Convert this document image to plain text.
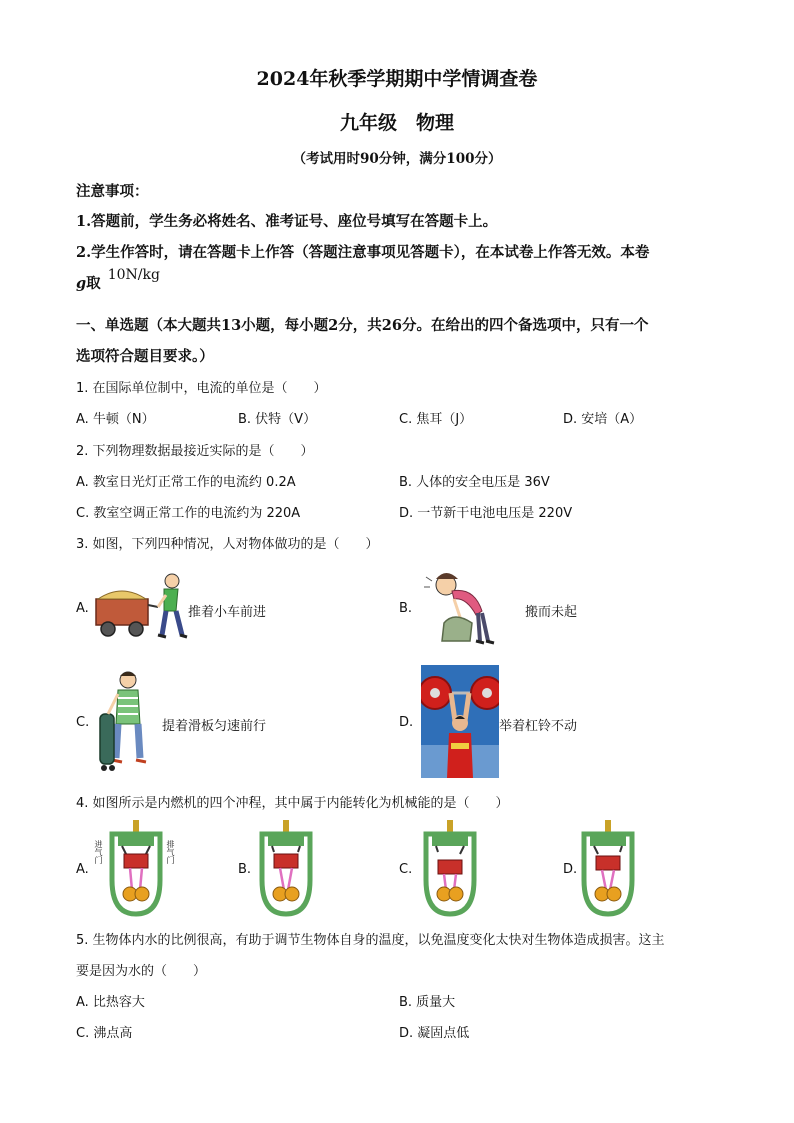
2024年秋季学期期中学情调查卷
九年级　物理
（考试用时90分钟，满分100分）
注意事项：
1.答题前，学生务必将姓名、准考证号、座位号填写在答题卡上。
2.学生作答时，请在答题卡上作答（答题注意事项见答题卡），在本试卷上作答无效。本卷
g取 10N/kg
一、单选题（本大题共13小题，每小题2分，共26分。在给出的四个备选项中，只有一个
选项符合题目要求。）
1. 在国际单位制中，电流的单位是（　　）
A. 牛顿（N）	B. 伏特（V）	C. 焦耳（J）	D. 安培（A）
2. 下列物理数据最接近实际的是（　　）
A. 教室日光灯正常工作的电流约 0.2A	B. 人体的安全电压是 36V
C. 教室空调正常工作的电流约为 220A	D. 一节新干电池电压是 220V
3. 如图，下列四种情况，人对物体做功的是（　　）
A.	推着小车前进	B.	搬而未起
C.	提着滑板匀速前行	D.	举着杠铃不动
4. 如图所示是内燃机的四个冲程，其中属于内能转化为机械能的是（　　）
A.
进气门	排气门
B.	C.	D.
5. 生物体内水的比例很高，有助于调节生物体自身的温度，以免温度变化太快对生物体造成损害。这主
要是因为水的（　　）
A. 比热容大	B. 质量大
C. 沸点高	D. 凝固点低
